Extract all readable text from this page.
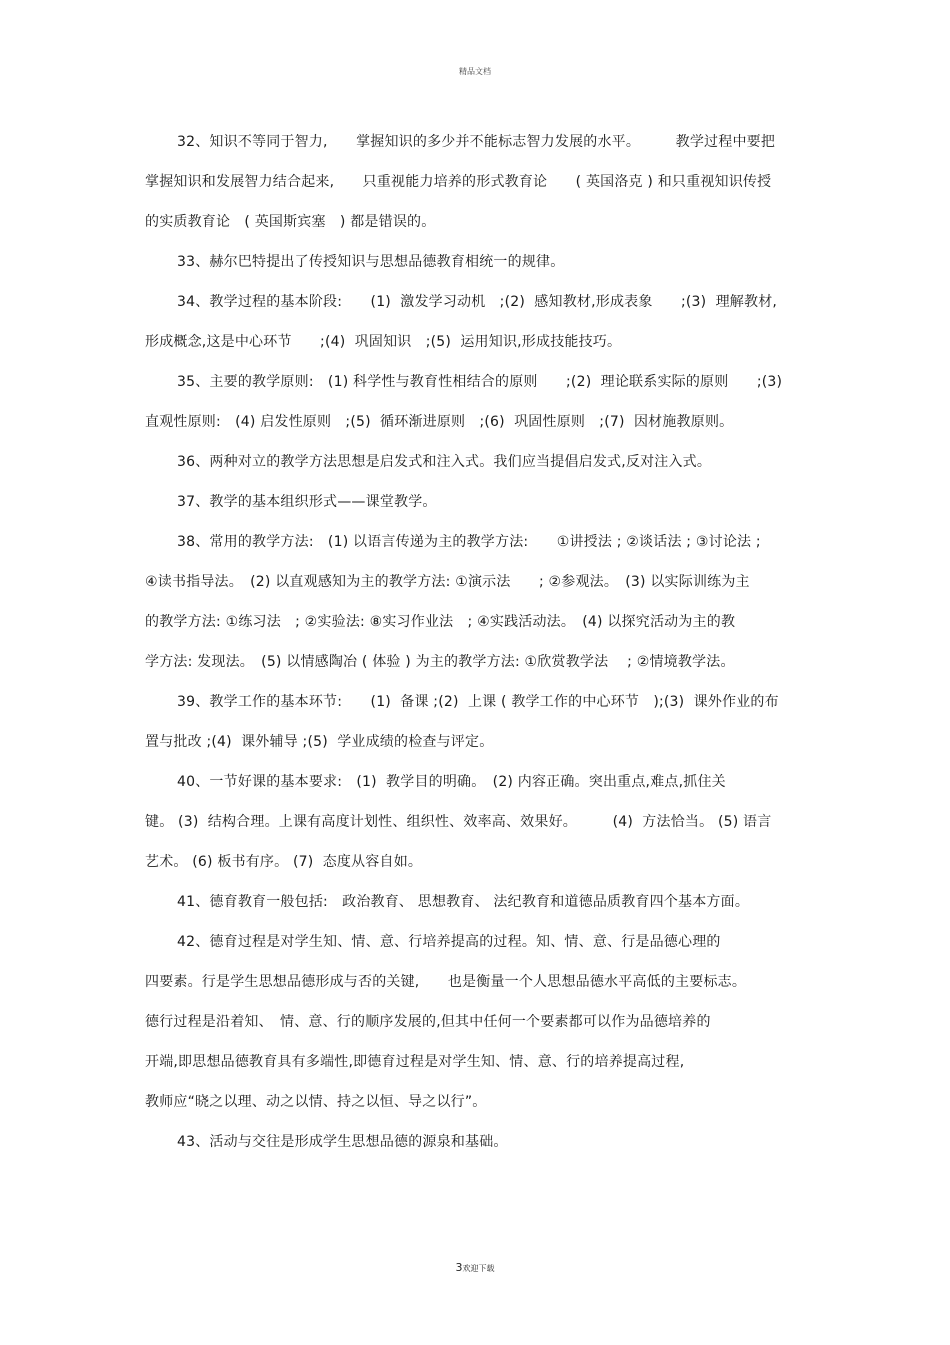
精品文档
32、知识不等同于智力,　　掌握知识的多少并不能标志智力发展的水平。　　　教学过程中要把
掌握知识和发展智力结合起来,　　只重视能力培养的形式教育论　　( 英国洛克 ) 和只重视知识传授
的实质教育论　( 英国斯宾塞　) 都是错误的。
33、赫尔巴特提出了传授知识与思想品德教育相统一的规律。
34、教学过程的基本阶段:　　(1)  激发学习动机　;(2)  感知教材,形成表象　　;(3)  理解教材,
形成概念,这是中心环节　　;(4)  巩固知识　;(5)  运用知识,形成技能技巧。
35、主要的教学原则:　(1) 科学性与教育性相结合的原则　　;(2)  理论联系实际的原则　　;(3)
直观性原则:　(4) 启发性原则　;(5)  循环渐进原则　;(6)  巩固性原则　;(7)  因材施教原则。
36、两种对立的教学方法思想是启发式和注入式。我们应当提倡启发式,反对注入式。
37、教学的基本组织形式——课堂教学。
38、常用的教学方法:　(1) 以语言传递为主的教学方法:　　①讲授法 ; ②谈话法 ; ③讨论法 ;
④读书指导法。　(2) 以直观感知为主的教学方法: ①演示法　　; ②参观法。　(3) 以实际训练为主
的教学方法: ①练习法　; ②实验法: ⑧实习作业法　; ④实践活动法。　(4) 以探究活动为主的教
学方法: 发现法。　(5) 以情感陶冶 ( 体验 ) 为主的教学方法: ①欣赏教学法　 ; ②情境教学法。
39、教学工作的基本环节:　　(1)  备课 ;(2)  上课 ( 教学工作的中心环节　);(3)  课外作业的布
置与批改 ;(4)  课外辅导 ;(5)  学业成绩的检查与评定。
40、一节好课的基本要求:　(1)  教学目的明确。　(2) 内容正确。突出重点,难点,抓住关
键。 (3)  结构合理。上课有高度计划性、组织性、效率高、效果好。　　　(4)  方法恰当。 (5) 语言
艺术。 (6) 板书有序。 (7)  态度从容自如。
41、德育教育一般包括:　政治教育、 思想教育、 法纪教育和道德品质教育四个基本方面。
42、德育过程是对学生知、情、意、行培养提高的过程。知、情、意、行是品德心理的
四要素。行是学生思想品德形成与否的关键,　　也是衡量一个人思想品德水平高低的主要标志。
德行过程是沿着知、　情、意、行的顺序发展的,但其中任何一个要素都可以作为品德培养的
开端,即思想品德教育具有多端性,即德育过程是对学生知、情、意、行的培养提高过程,
教师应“晓之以理、动之以情、持之以恒、导之以行”。
43、活动与交往是形成学生思想品德的源泉和基础。
3欢迎下载
